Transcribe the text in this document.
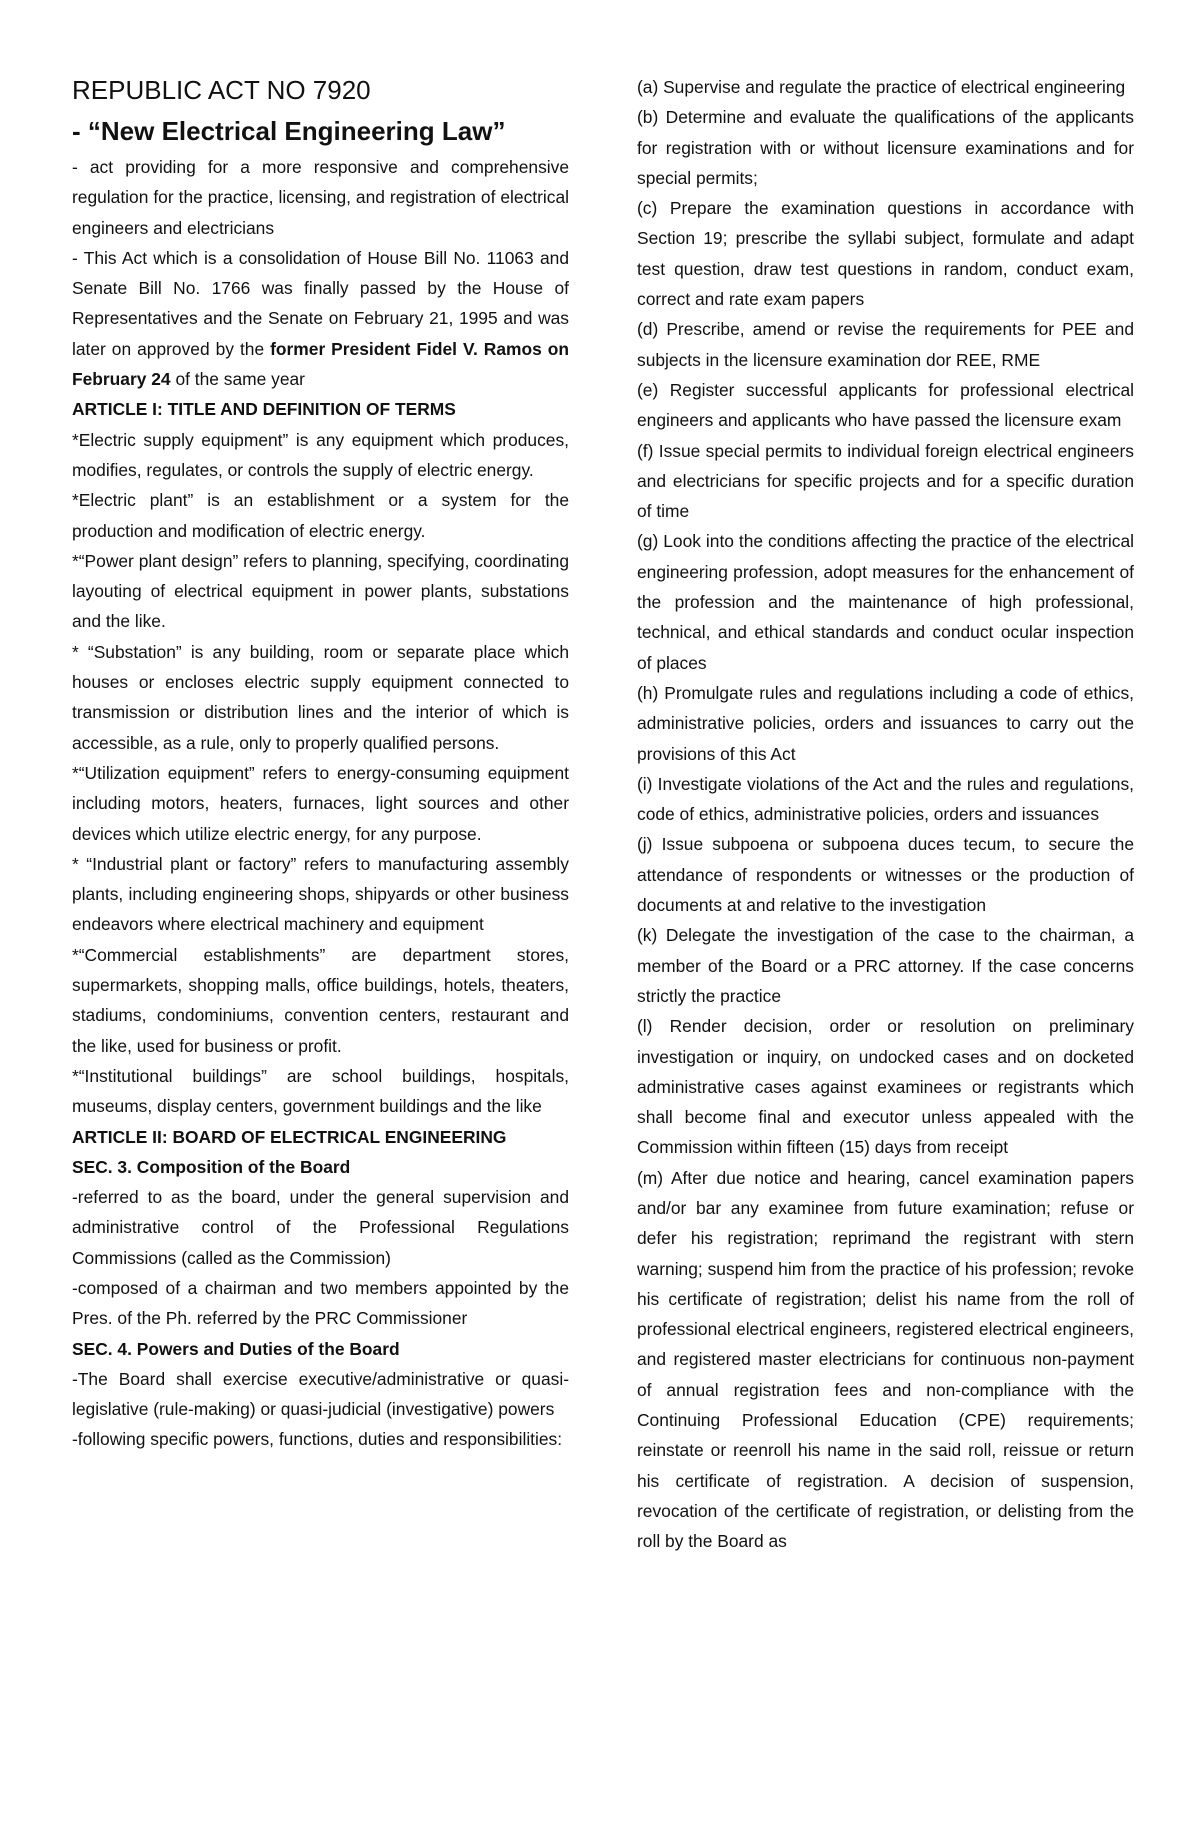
REPUBLIC ACT NO 7920

- “New Electrical Engineering Law”

- act providing for a more responsive and comprehensive regulation for the practice, licensing, and registration of electrical engineers and electricians

- This Act which is a consolidation of House Bill No. 11063 and Senate Bill No. 1766 was finally passed by the House of Representatives and the Senate on February 21, 1995 and was later on approved by the former President Fidel V. Ramos on February 24 of the same year

ARTICLE I: TITLE AND DEFINITION OF TERMS

*Electric supply equipment” is any equipment which produces, modifies, regulates, or controls the supply of electric energy.

*Electric plant” is an establishment or a system for the production and modification of electric energy.

*“Power plant design” refers to planning, specifying, coordinating layouting of electrical equipment in power plants, substations and the like.

* “Substation” is any building, room or separate place which houses or encloses electric supply equipment connected to transmission or distribution lines and the interior of which is accessible, as a rule, only to properly qualified persons.

*“Utilization equipment” refers to energy-consuming equipment including motors, heaters, furnaces, light sources and other devices which utilize electric energy, for any purpose.

* “Industrial plant or factory” refers to manufacturing assembly plants, including engineering shops, shipyards or other business endeavors where electrical machinery and equipment

*“Commercial establishments” are department stores, supermarkets, shopping malls, office buildings, hotels, theaters, stadiums, condominiums, convention centers, restaurant and the like, used for business or profit.

*“Institutional buildings” are school buildings, hospitals, museums, display centers, government buildings and the like

ARTICLE II: BOARD OF ELECTRICAL ENGINEERING

SEC. 3. Composition of the Board

-referred to as the board, under the general supervision and administrative control of the Professional Regulations Commissions (called as the Commission)

-composed of a chairman and two members appointed by the Pres. of the Ph. referred by the PRC Commissioner

SEC. 4. Powers and Duties of the Board

-The Board shall exercise executive/administrative or quasi-legislative (rule-making) or quasi-judicial (investigative) powers

-following specific powers, functions, duties and responsibilities:

(a) Supervise and regulate the practice of electrical engineering

(b) Determine and evaluate the qualifications of the applicants for registration with or without licensure examinations and for special permits;

(c) Prepare the examination questions in accordance with Section 19; prescribe the syllabi subject, formulate and adapt test question, draw test questions in random, conduct exam, correct and rate exam papers

(d) Prescribe, amend or revise the requirements for PEE and subjects in the licensure examination dor REE, RME

(e) Register successful applicants for professional electrical engineers and applicants who have passed the licensure exam

(f) Issue special permits to individual foreign electrical engineers and electricians for specific projects and for a specific duration of time

(g) Look into the conditions affecting the practice of the electrical engineering profession, adopt measures for the enhancement of the profession and the maintenance of high professional, technical, and ethical standards and conduct ocular inspection of places

(h) Promulgate rules and regulations including a code of ethics, administrative policies, orders and issuances to carry out the provisions of this Act

(i) Investigate violations of the Act and the rules and regulations, code of ethics, administrative policies, orders and issuances

(j) Issue subpoena or subpoena duces tecum, to secure the attendance of respondents or witnesses or the production of documents at and relative to the investigation

(k) Delegate the investigation of the case to the chairman, a member of the Board or a PRC attorney. If the case concerns strictly the practice

(l) Render decision, order or resolution on preliminary investigation or inquiry, on undocked cases and on docketed administrative cases against examinees or registrants which shall become final and executor unless appealed with the Commission within fifteen (15) days from receipt

(m) After due notice and hearing, cancel examination papers and/or bar any examinee from future examination; refuse or defer his registration; reprimand the registrant with stern warning; suspend him from the practice of his profession; revoke his certificate of registration; delist his name from the roll of professional electrical engineers, registered electrical engineers, and registered master electricians for continuous non-payment of annual registration fees and non-compliance with the Continuing Professional Education (CPE) requirements; reinstate or reenroll his name in the said roll, reissue or return his certificate of registration. A decision of suspension, revocation of the certificate of registration, or delisting from the roll by the Board as
